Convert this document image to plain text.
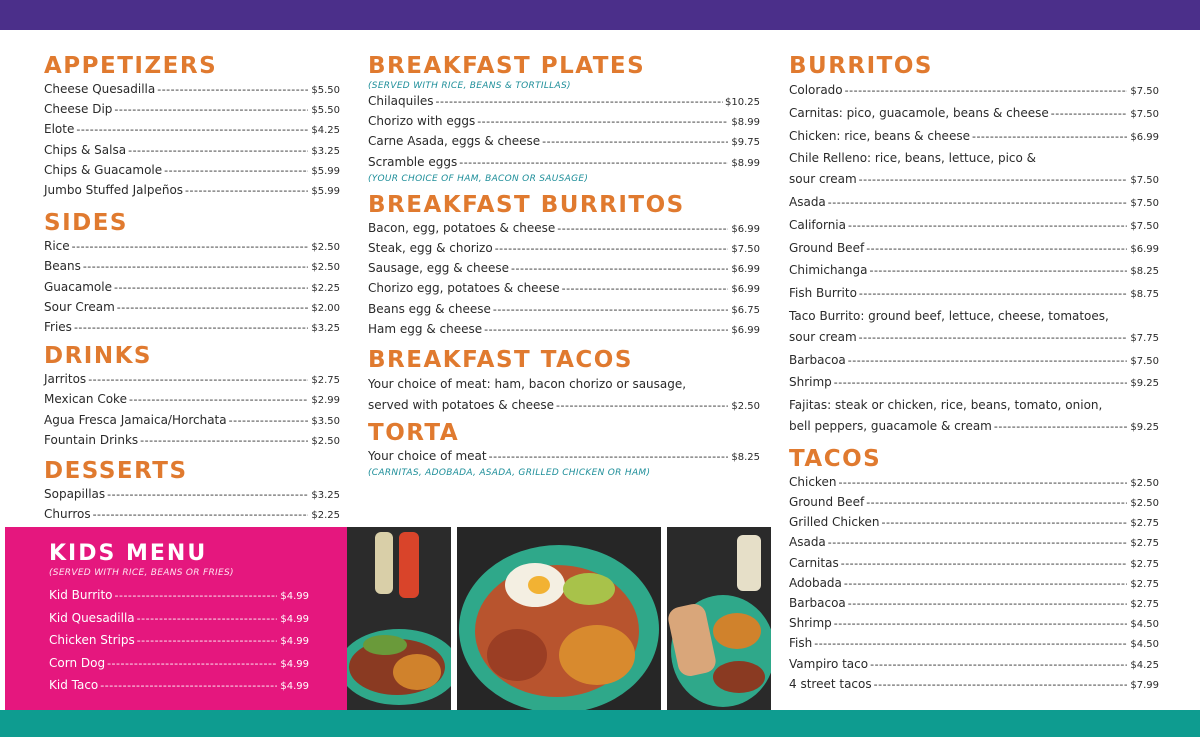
APPETIZERS
Cheese Quesadilla -----	$5.50
Cheese Dip -----	$5.50
Elote -----	$4.25
Chips & Salsa -----	$3.25
Chips & Guacamole -----	$5.99
Jumbo Stuffed Jalpeños -----	$5.99
SIDES
Rice -----	$2.50
Beans -----	$2.50
Guacamole -----	$2.25
Sour Cream -----	$2.00
Fries -----	$3.25
DRINKS
Jarritos -----	$2.75
Mexican Coke -----	$2.99
Agua Fresca Jamaica/Horchata -----	$3.50
Fountain Drinks -----	$2.50
DESSERTS
Sopapillas -----	$3.25
Churros -----	$2.25
BREAKFAST PLATES
(SERVED WITH RICE, BEANS & TORTILLAS)
Chilaquiles -----	$10.25
Chorizo with eggs -----	$8.99
Carne Asada, eggs & cheese -----	$9.75
Scramble eggs -----	$8.99
(YOUR CHOICE OF HAM, BACON OR SAUSAGE)
BREAKFAST BURRITOS
Bacon, egg, potatoes & cheese -----	$6.99
Steak, egg & chorizo -----	$7.50
Sausage, egg & cheese -----	$6.99
Chorizo egg, potatoes & cheese -----	$6.99
Beans egg & cheese -----	$6.75
Ham egg & cheese -----	$6.99
BREAKFAST TACOS
Your choice of meat: ham, bacon chorizo or sausage,
served with potatoes & cheese -----	$2.50
TORTA
Your choice of meat -----	$8.25
(CARNITAS, ADOBADA, ASADA, GRILLED CHICKEN OR HAM)
BURRITOS
Colorado -----	$7.50
Carnitas: pico, guacamole, beans & cheese -----	$7.50
Chicken: rice, beans & cheese -----	$6.99
Chile Relleno: rice, beans, lettuce, pico &
sour cream -----	$7.50
Asada -----	$7.50
California -----	$7.50
Ground Beef -----	$6.99
Chimichanga -----	$8.25
Fish Burrito -----	$8.75
Taco Burrito: ground beef, lettuce, cheese, tomatoes,
sour cream -----	$7.75
Barbacoa -----	$7.50
Shrimp -----	$9.25
Fajitas: steak or chicken, rice, beans, tomato, onion,
bell peppers, guacamole & cream -----	$9.25
TACOS
Chicken -----	$2.50
Ground Beef -----	$2.50
Grilled Chicken -----	$2.75
Asada -----	$2.75
Carnitas -----	$2.75
Adobada -----	$2.75
Barbacoa -----	$2.75
Shrimp -----	$4.50
Fish -----	$4.50
Vampiro taco -----	$4.25
4 street tacos -----	$7.99
KIDS MENU
(SERVED WITH RICE, BEANS OR FRIES)
Kid Burrito -----	$4.99
Kid Quesadilla -----	$4.99
Chicken Strips -----	$4.99
Corn Dog -----	$4.99
Kid Taco -----	$4.99
